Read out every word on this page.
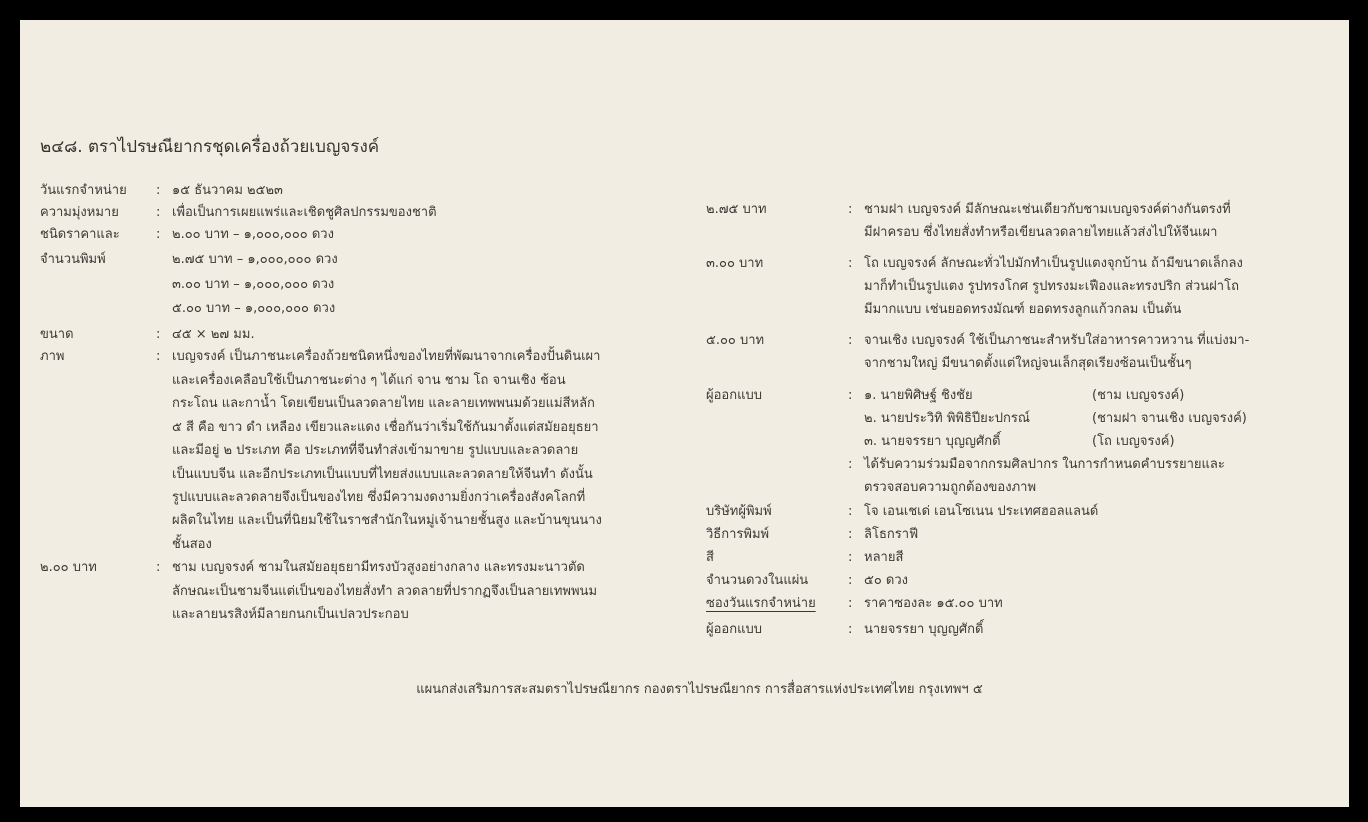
๒๔๘. ตราไปรษณียากรชุดเครื่องถ้วยเบญจรงค์
วันแรกจำหน่าย	: ๑๕ ธันวาคม ๒๕๒๓
ความมุ่งหมาย	: เพื่อเป็นการเผยแพร่และเชิดชูศิลปกรรมของชาติ
ชนิดราคาและ
จำนวนพิมพ์
: ๒.๐๐ บาท – ๑,๐๐๐,๐๐๐ ดวง
๒.๗๕ บาท – ๑,๐๐๐,๐๐๐ ดวง
๓.๐๐ บาท – ๑,๐๐๐,๐๐๐ ดวง
๕.๐๐ บาท – ๑,๐๐๐,๐๐๐ ดวง
ขนาด	: ๔๕ × ๒๗ มม.
ภาพ	: เบญจรงค์ เป็นภาชนะเครื่องถ้วยชนิดหนึ่งของไทยที่พัฒนาจากเครื่องปั้นดินเผา
และเครื่องเคลือบใช้เป็นภาชนะต่าง ๆ ได้แก่ จาน ชาม โถ จานเชิง ช้อน
กระโถน และกาน้ำ โดยเขียนเป็นลวดลายไทย และลายเทพพนมด้วยแม่สีหลัก
๕ สี คือ ขาว ดำ เหลือง เขียวและแดง เชื่อกันว่าเริ่มใช้กันมาตั้งแต่สมัยอยุธยา
และมีอยู่ ๒ ประเภท คือ ประเภทที่จีนทำส่งเข้ามาขาย รูปแบบและลวดลาย
เป็นแบบจีน และอีกประเภทเป็นแบบที่ไทยส่งแบบและลวดลายให้จีนทำ ดังนั้น
รูปแบบและลวดลายจึงเป็นของไทย ซึ่งมีความงดงามยิ่งกว่าเครื่องสังคโลกที่
ผลิตในไทย และเป็นที่นิยมใช้ในราชสำนักในหมู่เจ้านายชั้นสูง และบ้านขุนนาง
ชั้นสอง
๒.๐๐ บาท	: ชาม เบญจรงค์ ชามในสมัยอยุธยามีทรงบัวสูงอย่างกลาง และทรงมะนาวตัด
ลักษณะเป็นชามจีนแต่เป็นของไทยสั่งทำ ลวดลายที่ปรากฏจึงเป็นลายเทพพนม
และลายนรสิงห์มีลายกนกเป็นเปลวประกอบ
๒.๗๕ บาท	: ชามฝา เบญจรงค์ มีลักษณะเช่นเดียวกับชามเบญจรงค์ต่างกันตรงที่
มีฝาครอบ ซึ่งไทยสั่งทำหรือเขียนลวดลายไทยแล้วส่งไปให้จีนเผา
๓.๐๐ บาท	: โถ เบญจรงค์ ลักษณะทั่วไปมักทำเป็นรูปแตงจุกบ้าน ถ้ามีขนาดเล็กลง
มาก็ทำเป็นรูปแตง รูปทรงโกศ รูปทรงมะเฟืองและทรงปริก ส่วนฝาโถ
มีมากแบบ เช่นยอดทรงมัณฑ์ ยอดทรงลูกแก้วกลม เป็นต้น
๕.๐๐ บาท	: จานเชิง เบญจรงค์ ใช้เป็นภาชนะสำหรับใส่อาหารคาวหวาน ที่แบ่งมา-
จากชามใหญ่ มีขนาดตั้งแต่ใหญ่จนเล็กสุดเรียงซ้อนเป็นชั้นๆ
ผู้ออกแบบ	: ๑. นายพิศิษฐ์ ชิงชัย	(ชาม เบญจรงค์)
๒. นายประวิทิ พิพิธิปียะปกรณ์	(ชามฝา จานเชิง เบญจรงค์)
๓. นายจรรยา บุญญศักดิ์	(โถ เบญจรงค์)
: ได้รับความร่วมมือจากกรมศิลปากร ในการกำหนดคำบรรยายและ
ตรวจสอบความถูกต้องของภาพ
บริษัทผู้พิมพ์	: โจ เอนเชเด่ เอนโซเนน ประเทศฮอลแลนด์
วิธีการพิมพ์	: ลิโธกราฟี
สี	: หลายสี
จำนวนดวงในแผ่น	: ๕๐ ดวง
ซองวันแรกจำหน่าย	: ราคาซองละ ๑๕.๐๐ บาท
ผู้ออกแบบ	: นายจรรยา บุญญศักดิ์
แผนกส่งเสริมการสะสมตราไปรษณียากร กองตราไปรษณียากร การสื่อสารแห่งประเทศไทย กรุงเทพฯ ๕
